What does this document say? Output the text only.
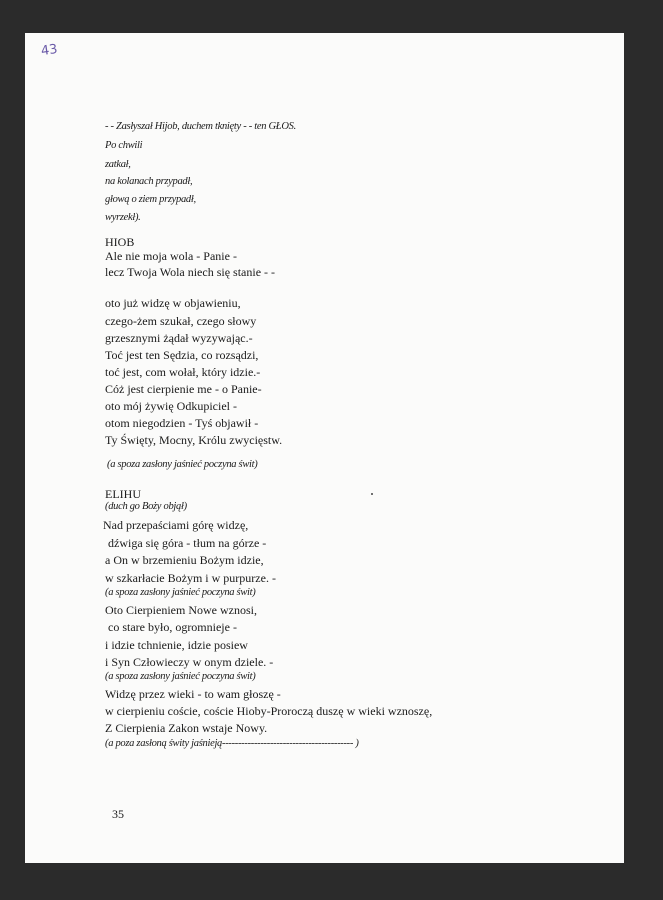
43
- - Zasłyszał Hijob, duchem tknięty - - ten GŁOS.
Po chwili
zatkał,
na kolanach przypadł,
głową o ziem przypadł,
wyrzekł).
HIOB
Ale nie moja wola - Panie -
lecz Twoja Wola niech się stanie - -
oto już widzę w objawieniu,
czego-żem szukał, czego słowy
grzesznymi żądał wyzywając.-
Toć jest ten Sędzia, co rozsądzi,
toć jest, com wołał, który idzie.-
Cóż jest cierpienie me - o Panie-
oto mój żywię Odkupiciel -
otom niegodzien - Tyś objawił -
Ty Święty, Mocny, Królu zwycięstw.
(a spoza zasłony jaśnieć poczyna świt)
ELIHU
(duch go Boży objął)
Nad przepaściami górę widzę,
dźwiga się góra - tłum na górze -
a On w brzemieniu Bożym idzie,
w szkarłacie Bożym i w purpurze. -
(a spoza zasłony jaśnieć poczyna świt)
Oto Cierpieniem Nowe wznosi,
co stare było, ogromnieje -
i idzie tchnienie, idzie posiew
i Syn Człowieczy w onym dziele. -
(a spoza zasłony jaśnieć poczyna świt)
Widzę przez wieki - to wam głoszę -
w cierpieniu coście, coście Hioby-Proroczą duszę w wieki wznoszę,
Z Cierpienia Zakon wstaje Nowy.
(a poza zasłoną świty jaśnieją----------------------------------------- )
35
